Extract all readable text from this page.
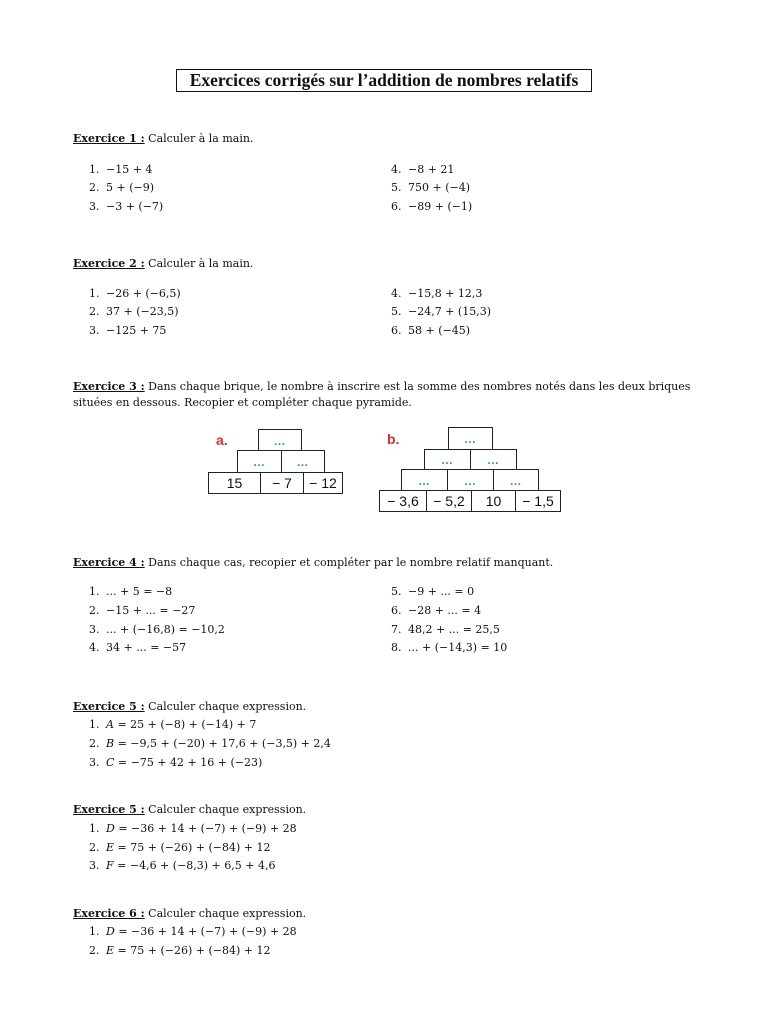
Exercices corrigés sur l’addition de nombres relatifs
Exercice 1 : Calculer à la main.
1. −15 + 4
2. 5 + (−9)
3. −3 + (−7)
4. −8 + 21
5. 750 + (−4)
6. −89 + (−1)
Exercice 2 : Calculer à la main.
1. −26 + (−6,5)
2. 37 + (−23,5)
3. −125 + 75
4. −15,8 + 12,3
5. −24,7 + (15,3)
6. 58 + (−45)
Exercice 3 : Dans chaque brique, le nombre à inscrire est la somme des nombres notés dans les deux briques situées en dessous. Recopier et compléter chaque pyramide.
a.	…
…	…
15	− 7	− 12
b.	…
…	…
…	…	…
− 3,6	− 5,2	10	− 1,5
Exercice 4 : Dans chaque cas, recopier et compléter par le nombre relatif manquant.
1. ... + 5 = −8
2. −15 + ... = −27
3. ... + (−16,8) = −10,2
4. 34 + ... = −57
5. −9 + ... = 0
6. −28 + ... = 4
7. 48,2 + ... = 25,5
8. ... + (−14,3) = 10
Exercice 5 : Calculer chaque expression.
1. A = 25 + (−8) + (−14) + 7
2. B = −9,5 + (−20) + 17,6 + (−3,5) + 2,4
3. C = −75 + 42 + 16 + (−23)
Exercice 5 : Calculer chaque expression.
1. D = −36 + 14 + (−7) + (−9) + 28
2. E = 75 + (−26) + (−84) + 12
3. F = −4,6 + (−8,3) + 6,5 + 4,6
Exercice 6 : Calculer chaque expression.
1. D = −36 + 14 + (−7) + (−9) + 28
2. E = 75 + (−26) + (−84) + 12
